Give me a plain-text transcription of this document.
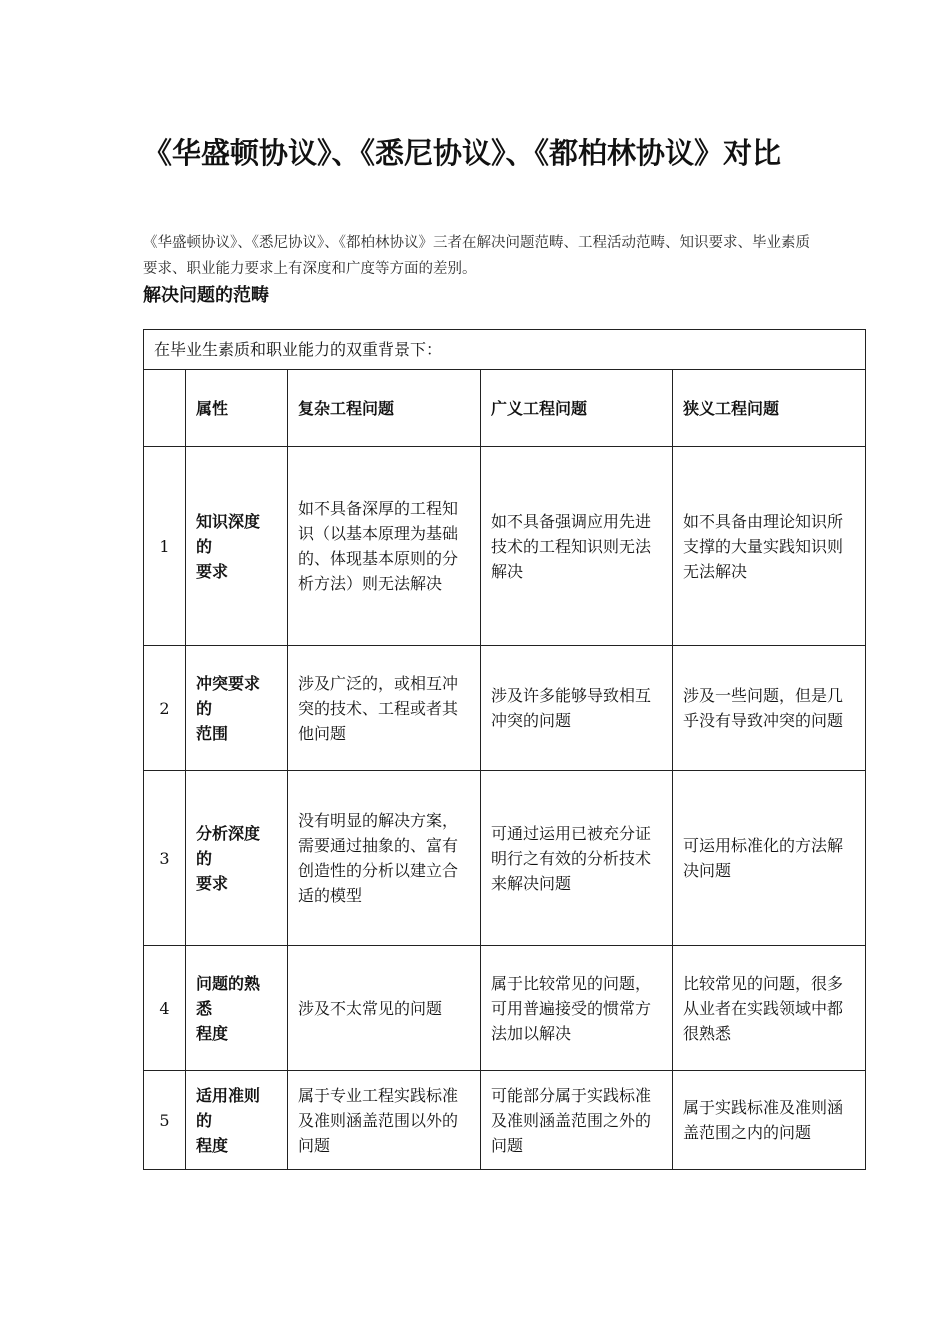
《华盛顿协议》、《悉尼协议》、《都柏林协议》对比

《华盛顿协议》、《悉尼协议》、《都柏林协议》三者在解决问题范畴、工程活动范畴、知识要求、毕业素质要求、职业能力要求上有深度和广度等方面的差别。

解决问题的范畴
在毕业生素质和职业能力的双重背景下：				
	属性	复杂工程问题	广义工程问题	狭义工程问题
1	知识深度
的
要求	如不具备深厚的工程知识（以基本原理为基础的、体现基本原则的分析方法）则无法解决	如不具备强调应用先进技术的工程知识则无法解决	如不具备由理论知识所支撑的大量实践知识则无法解决
2	冲突要求
的
范围	涉及广泛的，或相互冲突的技术、工程或者其他问题	涉及许多能够导致相互冲突的问题	涉及一些问题，但是几乎没有导致冲突的问题
3	分析深度
的
要求	没有明显的解决方案，需要通过抽象的、富有创造性的分析以建立合适的模型	可通过运用已被充分证明行之有效的分析技术来解决问题	可运用标准化的方法解决问题
4	问题的熟
悉
程度	涉及不太常见的问题	属于比较常见的问题，可用普遍接受的惯常方法加以解决	比较常见的问题，很多从业者在实践领域中都很熟悉
5	适用准则
的
程度	属于专业工程实践标准及准则涵盖范围以外的问题	可能部分属于实践标准及准则涵盖范围之外的问题	属于实践标准及准则涵盖范围之内的问题
